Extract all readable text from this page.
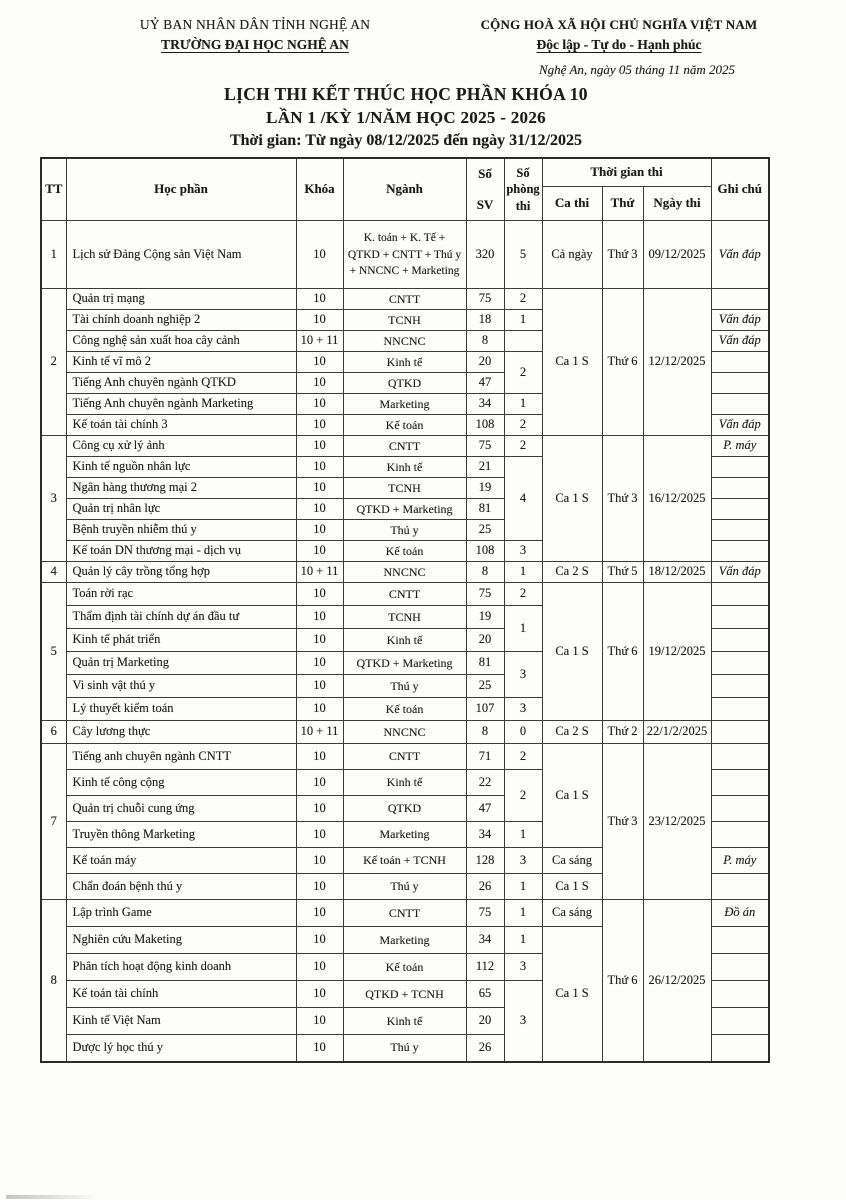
UỶ BAN NHÂN DÂN TỈNH NGHỆ AN
TRƯỜNG ĐẠI HỌC NGHỆ AN
CỘNG HOÀ XÃ HỘI CHỦ NGHĨA VIỆT NAM
Độc lập - Tự do - Hạnh phúc
Nghệ An, ngày 05 tháng 11 năm 2025
LỊCH THI KẾT THÚC HỌC PHẦN KHÓA 10
LẦN 1 /KỲ 1/NĂM HỌC 2025 - 2026
Thời gian: Từ ngày 08/12/2025 đến ngày 31/12/2025
TT	Học phần	Khóa	Ngành	Số SV	Số phòng thi	Thời gian thi			Ghi chú
						Ca thi	Thứ	Ngày thi	
1	Lịch sử Đảng Cộng sản Việt Nam	10	K. toán + K. Tế + QTKD + CNTT + Thú y + NNCNC + Marketing	320	5	Cả ngày	Thứ 3	09/12/2025	Vấn đáp
2	Quản trị mạng	10	CNTT	75	2	Ca 1 S	Thứ 6	12/12/2025	
	Tài chính doanh nghiệp 2	10	TCNH	18	1				Vấn đáp
	Công nghệ sản xuất hoa cây cảnh	10 + 11	NNCNC	8					Vấn đáp
	Kinh tế vĩ mô 2	10	Kinh tế	20	2				
	Tiếng Anh chuyên ngành QTKD	10	QTKD	47					
	Tiếng Anh chuyên ngành Marketing	10	Marketing	34	1				
	Kế toán tài chính 3	10	Kế toán	108	2				Vấn đáp
3	Công cụ xử lý ảnh	10	CNTT	75	2	Ca 1 S	Thứ 3	16/12/2025	P. máy
	Kinh tế nguồn nhân lực	10	Kinh tế	21	4				
	Ngân hàng thương mại 2	10	TCNH	19					
	Quản trị nhân lực	10	QTKD + Marketing	81					
	Bệnh truyền nhiễm thú y	10	Thú y	25					
	Kế toán DN thương mại - dịch vụ	10	Kế toán	108	3				
4	Quản lý cây trồng tổng hợp	10 + 11	NNCNC	8	1	Ca 2 S	Thứ 5	18/12/2025	Vấn đáp
5	Toán rời rạc	10	CNTT	75	2	Ca 1 S	Thứ 6	19/12/2025	
	Thẩm định tài chính dự án đầu tư	10	TCNH	19	1				
	Kinh tế phát triển	10	Kinh tế	20					
	Quản trị Marketing	10	QTKD + Marketing	81	3				
	Vi sinh vật thú y	10	Thú y	25					
	Lý thuyết kiểm toán	10	Kế toán	107	3				
6	Cây lương thực	10 + 11	NNCNC	8	0	Ca 2 S	Thứ 2	22/1/2/2025	
7	Tiếng anh chuyên ngành CNTT	10	CNTT	71	2	Ca 1 S	Thứ 3	23/12/2025	
	Kinh tế công cộng	10	Kinh tế	22	2				
	Quản trị chuỗi cung ứng	10	QTKD	47					
	Truyền thông Marketing	10	Marketing	34	1				
	Kế toán máy	10	Kế toán + TCNH	128	3	Ca sáng			P. máy
	Chẩn đoán bệnh thú y	10	Thú y	26	1	Ca 1 S			
8	Lập trình Game	10	CNTT	75	1	Ca sáng	Thứ 6	26/12/2025	Đồ án
	Nghiên cứu Maketing	10	Marketing	34	1	Ca 1 S			
	Phân tích hoạt động kinh doanh	10	Kế toán	112	3				
	Kế toán tài chính	10	QTKD + TCNH	65	3				
	Kinh tế Việt Nam	10	Kinh tế	20					
	Dược lý học thú y	10	Thú y	26					
